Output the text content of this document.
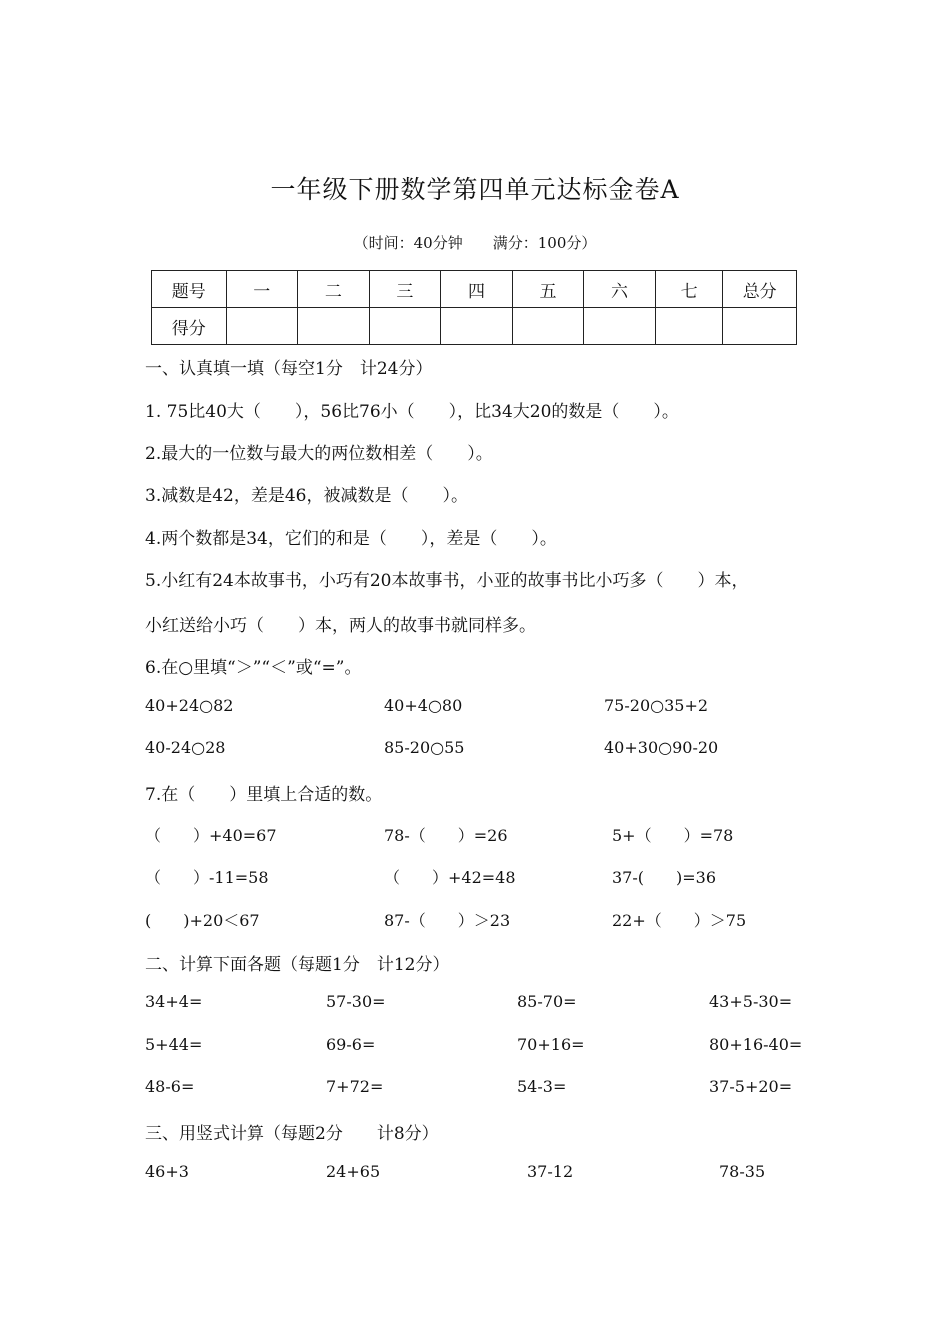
一年级下册数学第四单元达标金卷A
（时间：40分钟　　满分：100分）
题号	一	二	三	四	五	六	七	总分
得分								
一、认真填一填（每空1分　计24分）
1. 75比40大（　　），56比76小（　　），比34大20的数是（　　）。
2.最大的一位数与最大的两位数相差（　　）。
3.减数是42，差是46，被减数是（　　）。
4.两个数都是34，它们的和是（　　），差是（　　）。
5.小红有24本故事书，小巧有20本故事书，小亚的故事书比小巧多（　　）本，
小红送给小巧（　　）本，两人的故事书就同样多。
6.在○里填“＞”“＜”或“=”。
40+24○82	40+4○80	75-20○35+2
40-24○28	85-20○55	40+30○90-20
7.在（　　）里填上合适的数。
（　　）+40=67	78-（　　）=26	5+（　　）=78
（　　）-11=58	（　　）+42=48	37-(　　)=36
(　　)+20＜67	87-（　　）＞23	22+（　　）＞75
二、计算下面各题（每题1分　计12分）
34+4=	57-30=	85-70=	43+5-30=
5+44=	69-6=	70+16=	80+16-40=
48-6=	7+72=	54-3=	37-5+20=
三、用竖式计算（每题2分　　计8分）
46+3	24+65	37-12	78-35
